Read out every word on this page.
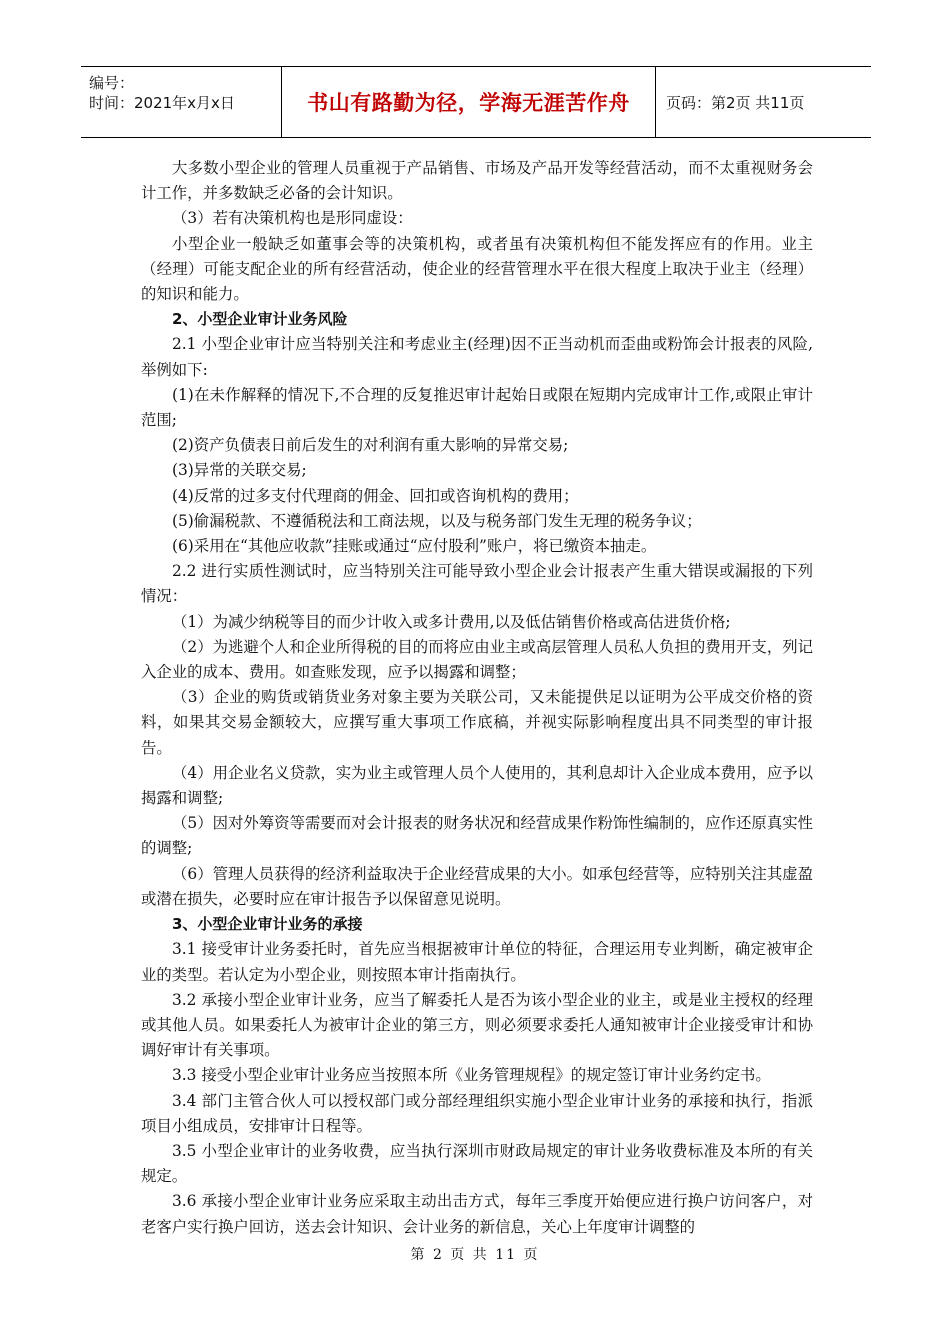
编号：
时间：2021年x月x日	书山有路勤为径，学海无涯苦作舟	页码：第2页 共11页

大多数小型企业的管理人员重视于产品销售、市场及产品开发等经营活动，而不太重视财务会计工作，并多数缺乏必备的会计知识。

（3）若有决策机构也是形同虚设：

小型企业一般缺乏如董事会等的决策机构，或者虽有决策机构但不能发挥应有的作用。业主（经理）可能支配企业的所有经营活动，使企业的经营管理水平在很大程度上取决于业主（经理）的知识和能力。

2、小型企业审计业务风险

2.1 小型企业审计应当特别关注和考虑业主(经理)因不正当动机而歪曲或粉饰会计报表的风险,举例如下:

(1)在未作解释的情况下,不合理的反复推迟审计起始日或限在短期内完成审计工作,或限止审计范围;

(2)资产负债表日前后发生的对利润有重大影响的异常交易;

(3)异常的关联交易;

(4)反常的过多支付代理商的佣金、回扣或咨询机构的费用；

(5)偷漏税款、不遵循税法和工商法规，以及与税务部门发生无理的税务争议；

(6)采用在“其他应收款”挂账或通过“应付股利”账户，将已缴资本抽走。

2.2 进行实质性测试时，应当特别关注可能导致小型企业会计报表产生重大错误或漏报的下列情况：

（1）为减少纳税等目的而少计收入或多计费用,以及低估销售价格或高估进货价格;

（2）为逃避个人和企业所得税的目的而将应由业主或高层管理人员私人负担的费用开支，列记入企业的成本、费用。如查账发现，应予以揭露和调整；

（3）企业的购货或销货业务对象主要为关联公司，又未能提供足以证明为公平成交价格的资料，如果其交易金额较大，应撰写重大事项工作底稿，并视实际影响程度出具不同类型的审计报告。

（4）用企业名义贷款，实为业主或管理人员个人使用的，其利息却计入企业成本费用，应予以揭露和调整;

（5）因对外筹资等需要而对会计报表的财务状况和经营成果作粉饰性编制的，应作还原真实性的调整;

（6）管理人员获得的经济利益取决于企业经营成果的大小。如承包经营等，应特别关注其虚盈或潜在损失，必要时应在审计报告予以保留意见说明。

3、小型企业审计业务的承接

3.1 接受审计业务委托时，首先应当根据被审计单位的特征，合理运用专业判断，确定被审企业的类型。若认定为小型企业，则按照本审计指南执行。

3.2 承接小型企业审计业务，应当了解委托人是否为该小型企业的业主，或是业主授权的经理或其他人员。如果委托人为被审计企业的第三方，则必须要求委托人通知被审计企业接受审计和协调好审计有关事项。

3.3 接受小型企业审计业务应当按照本所《业务管理规程》的规定签订审计业务约定书。

3.4 部门主管合伙人可以授权部门或分部经理组织实施小型企业审计业务的承接和执行，指派项目小组成员，安排审计日程等。

3.5 小型企业审计的业务收费，应当执行深圳市财政局规定的审计业务收费标准及本所的有关规定。

3.6 承接小型企业审计业务应采取主动出击方式，每年三季度开始便应进行换户访问客户，对老客户实行换户回访，送去会计知识、会计业务的新信息，关心上年度审计调整的

第 2 页 共 11 页
